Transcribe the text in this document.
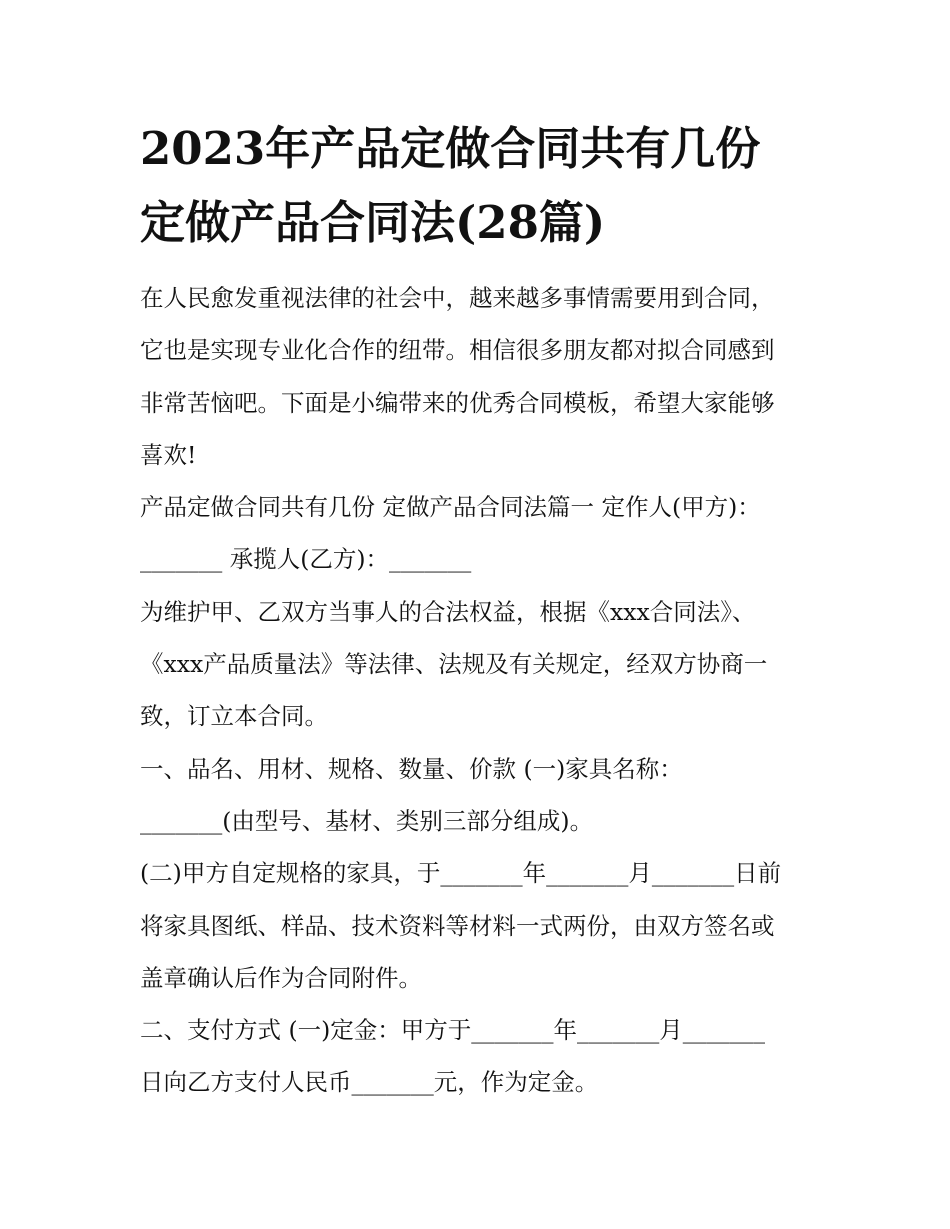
2023年产品定做合同共有几份
定做产品合同法(28篇)
在人民愈发重视法律的社会中，越来越多事情需要用到合同，
它也是实现专业化合作的纽带。相信很多朋友都对拟合同感到
非常苦恼吧。下面是小编带来的优秀合同模板，希望大家能够
喜欢!
产品定做合同共有几份 定做产品合同法篇一 定作人(甲方)：
_______ 承揽人(乙方)：_______
为维护甲、乙双方当事人的合法权益，根据《xxx合同法》、
《xxx产品质量法》等法律、法规及有关规定，经双方协商一
致，订立本合同。
一、品名、用材、规格、数量、价款 (一)家具名称：
_______(由型号、基材、类别三部分组成)。
(二)甲方自定规格的家具，于_______年_______月_______日前
将家具图纸、样品、技术资料等材料一式两份，由双方签名或
盖章确认后作为合同附件。
二、支付方式 (一)定金：甲方于_______年_______月_______
日向乙方支付人民币_______元，作为定金。
